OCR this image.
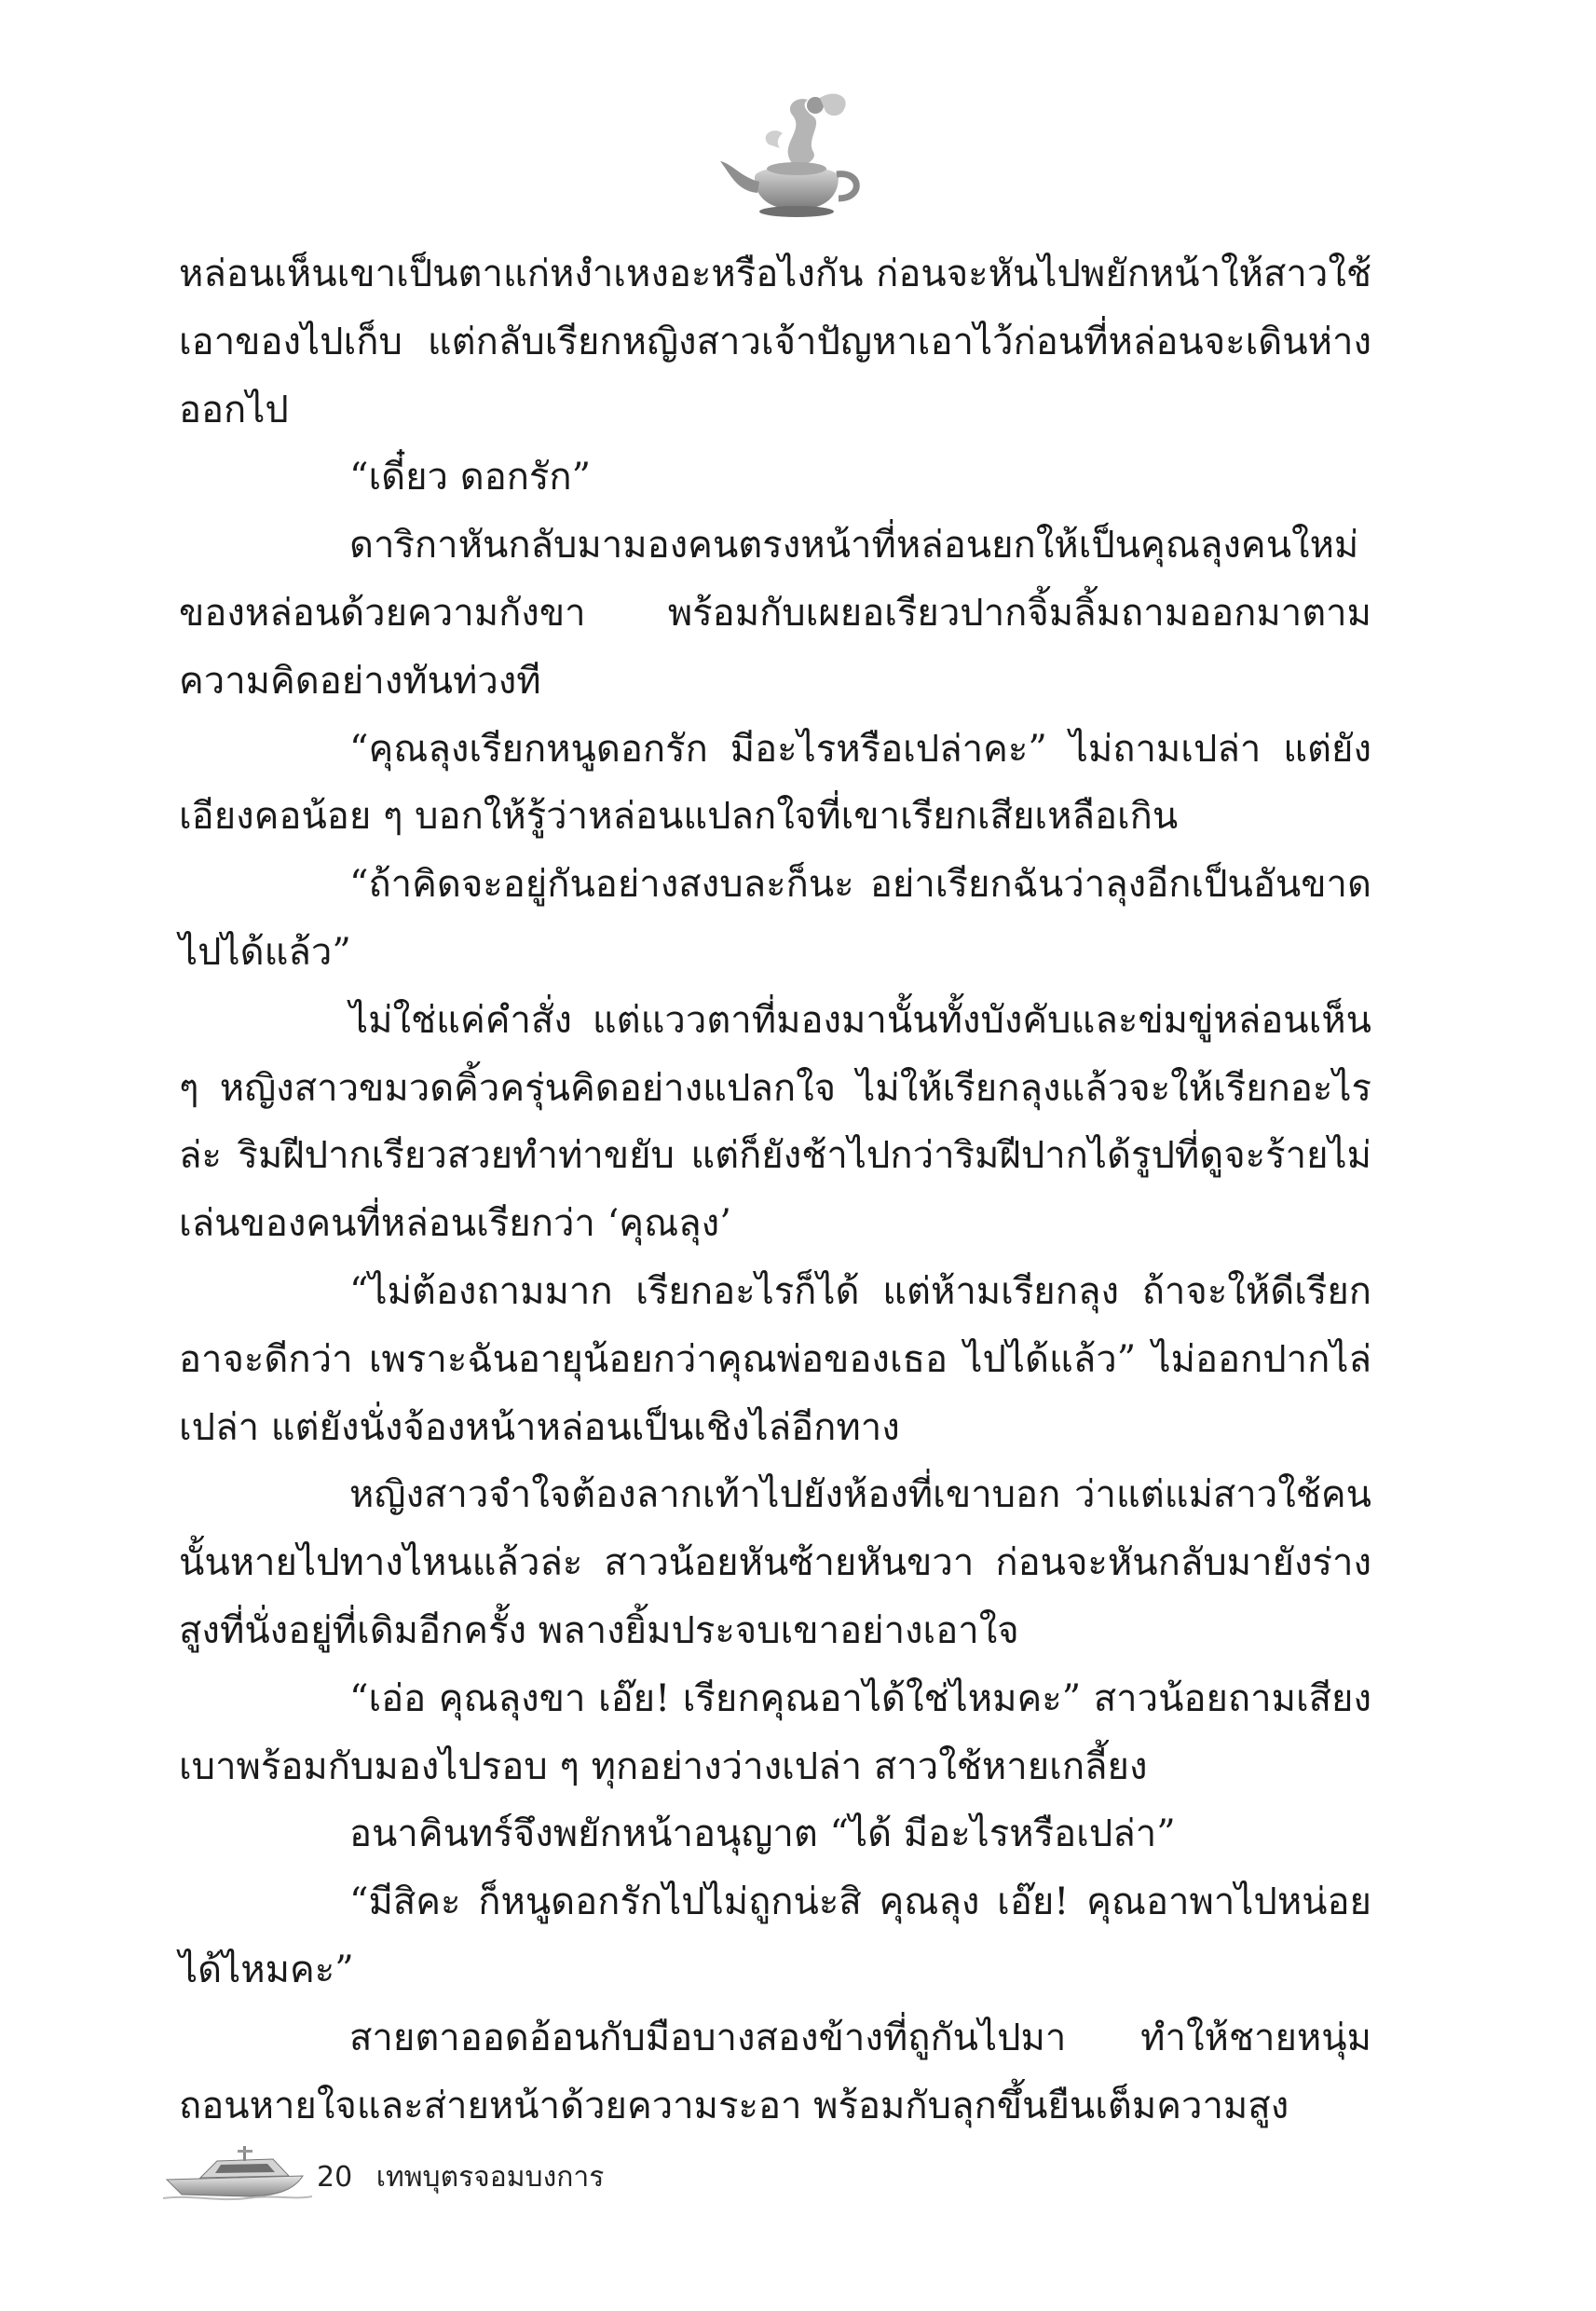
หล่อนเห็นเขาเป็นตาแก่หงำเหงอะหรือไงกัน ก่อนจะหันไปพยักหน้าให้สาวใช้เอาของไปเก็บ แต่กลับเรียกหญิงสาวเจ้าปัญหาเอาไว้ก่อนที่หล่อนจะเดินห่างออกไป

“เดี๋ยว ดอกรัก”

ดาริกาหันกลับมามองคนตรงหน้าที่หล่อนยกให้เป็นคุณลุงคนใหม่ของหล่อนด้วยความกังขา พร้อมกับเผยอเรียวปากจิ้มลิ้มถามออกมาตามความคิดอย่างทันท่วงที

“คุณลุงเรียกหนูดอกรัก มีอะไรหรือเปล่าคะ” ไม่ถามเปล่า แต่ยังเอียงคอน้อย ๆ บอกให้รู้ว่าหล่อนแปลกใจที่เขาเรียกเสียเหลือเกิน

“ถ้าคิดจะอยู่กันอย่างสงบละก็นะ อย่าเรียกฉันว่าลุงอีกเป็นอันขาด ไปได้แล้ว”

ไม่ใช่แค่คำสั่ง แต่แววตาที่มองมานั้นทั้งบังคับและข่มขู่หล่อนเห็น ๆ หญิงสาวขมวดคิ้วครุ่นคิดอย่างแปลกใจ ไม่ให้เรียกลุงแล้วจะให้เรียกอะไรล่ะ ริมฝีปากเรียวสวยทำท่าขยับ แต่ก็ยังช้าไปกว่าริมฝีปากได้รูปที่ดูจะร้ายไม่เล่นของคนที่หล่อนเรียกว่า ‘คุณลุง’

“ไม่ต้องถามมาก เรียกอะไรก็ได้ แต่ห้ามเรียกลุง ถ้าจะให้ดีเรียกอาจะดีกว่า เพราะฉันอายุน้อยกว่าคุณพ่อของเธอ ไปได้แล้ว” ไม่ออกปากไล่เปล่า แต่ยังนั่งจ้องหน้าหล่อนเป็นเชิงไล่อีกทาง

หญิงสาวจำใจต้องลากเท้าไปยังห้องที่เขาบอก ว่าแต่แม่สาวใช้คนนั้นหายไปทางไหนแล้วล่ะ สาวน้อยหันซ้ายหันขวา ก่อนจะหันกลับมายังร่างสูงที่นั่งอยู่ที่เดิมอีกครั้ง พลางยิ้มประจบเขาอย่างเอาใจ

“เอ่อ คุณลุงขา เอ๊ย! เรียกคุณอาได้ใช่ไหมคะ” สาวน้อยถามเสียงเบาพร้อมกับมองไปรอบ ๆ ทุกอย่างว่างเปล่า สาวใช้หายเกลี้ยง

อนาคินทร์จึงพยักหน้าอนุญาต “ได้ มีอะไรหรือเปล่า”

“มีสิคะ ก็หนูดอกรักไปไม่ถูกน่ะสิ คุณลุง เอ๊ย! คุณอาพาไปหน่อยได้ไหมคะ”

สายตาออดอ้อนกับมือบางสองข้างที่ถูกันไปมา ทำให้ชายหนุ่มถอนหายใจและส่ายหน้าด้วยความระอา พร้อมกับลุกขึ้นยืนเต็มความสูง

20 เทพบุตรจอมบงการ
